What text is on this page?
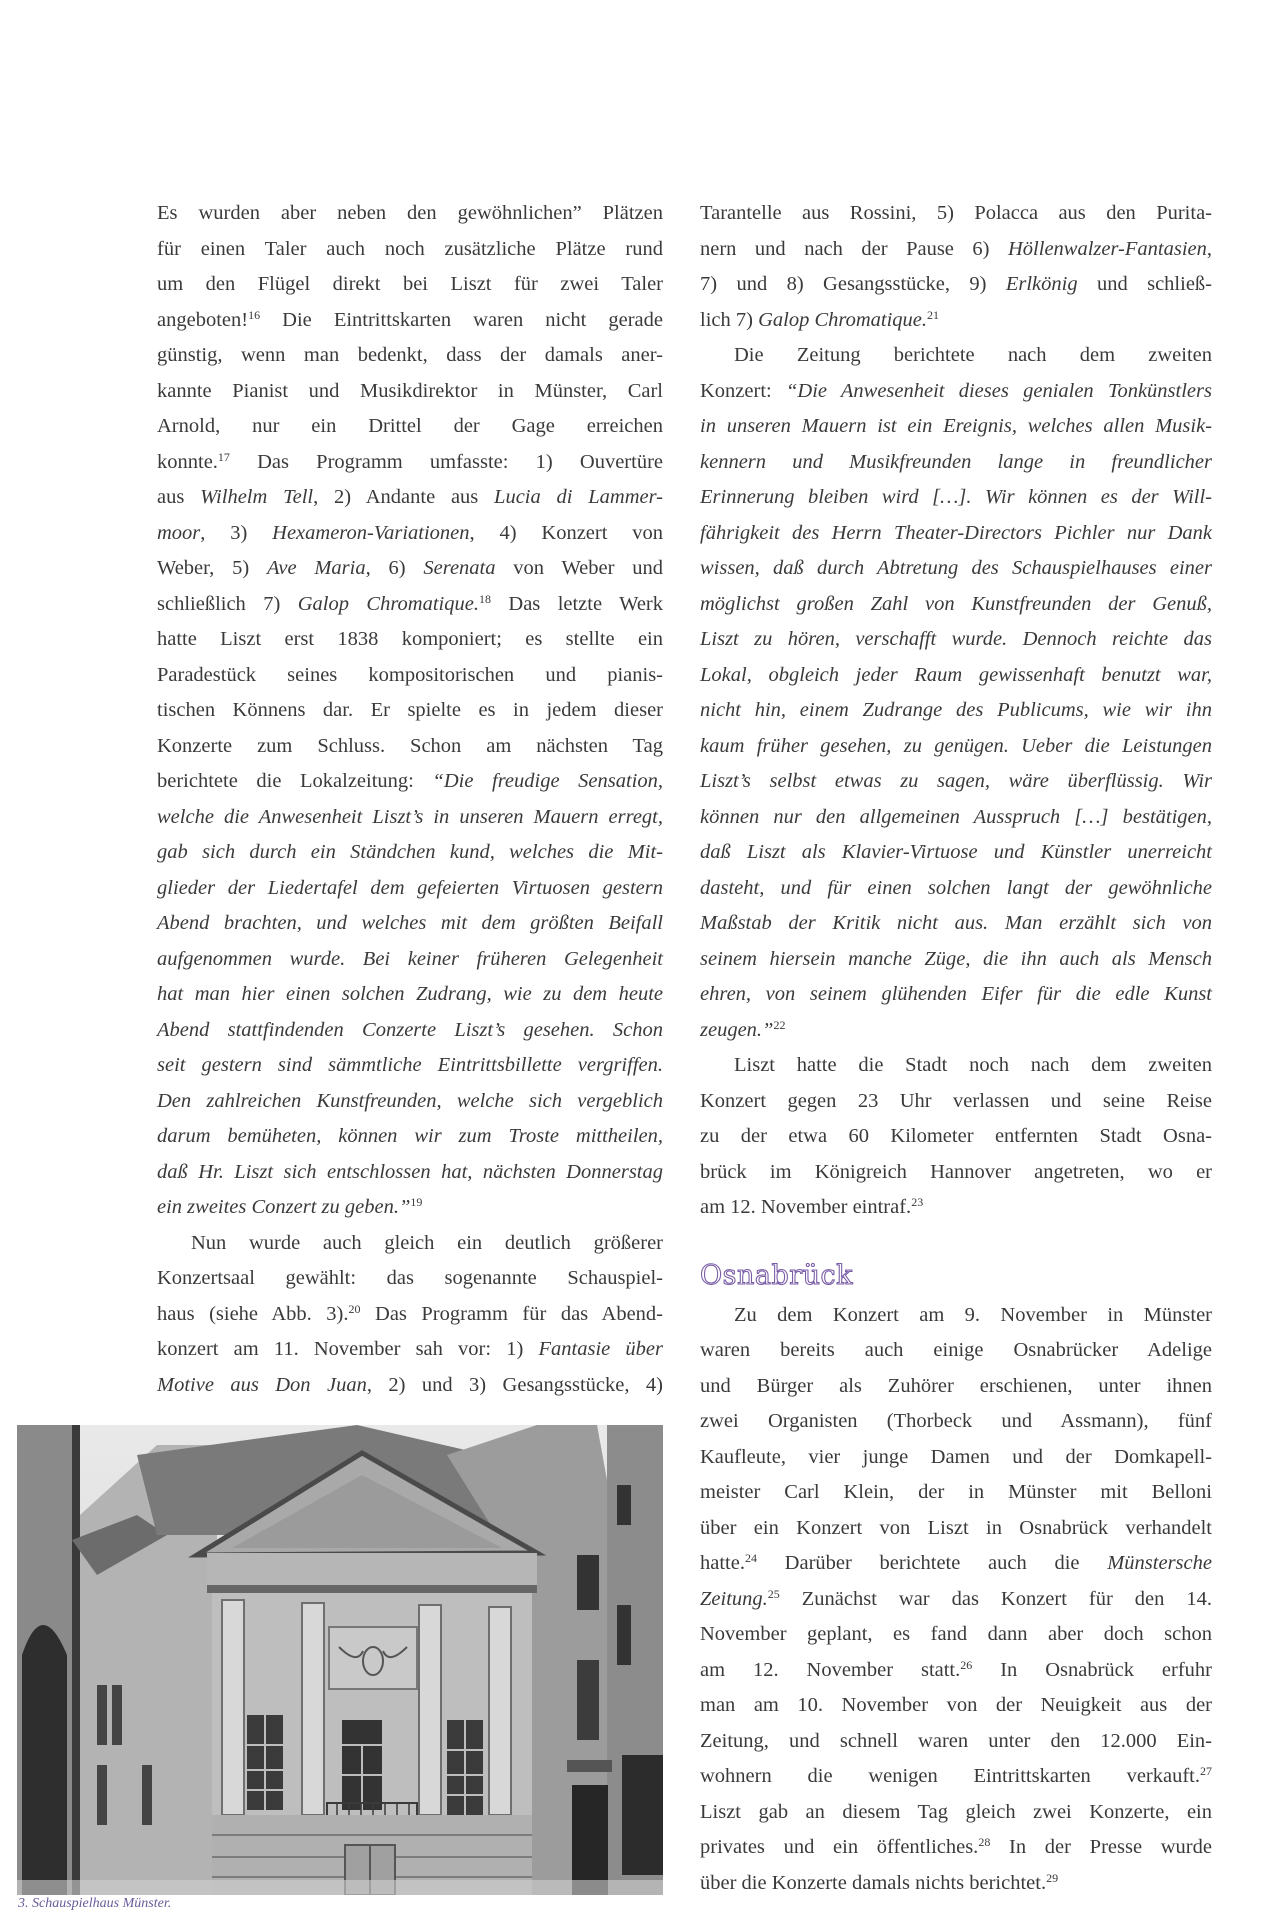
Es wurden aber neben den gewöhnlichen” Plätzen
für einen Taler auch noch zusätzliche Plätze rund
um den Flügel direkt bei Liszt für zwei Taler
angeboten!$^{16}$ Die Eintrittskarten waren nicht gerade
günstig, wenn man bedenkt, dass der damals aner-
kannte Pianist und Musikdirektor in Münster, Carl
Arnold, nur ein Drittel der Gage erreichen
konnte.$^{17}$ Das Programm umfasste: 1) Ouvertüre
aus Wilhelm Tell, 2) Andante aus Lucia di Lammer-
moor, 3) Hexameron-Variationen, 4) Konzert von
Weber, 5) Ave Maria, 6) Serenata von Weber und
schließlich 7) Galop Chromatique.$^{18}$ Das letzte Werk
hatte Liszt erst 1838 komponiert; es stellte ein
Paradestück seines kompositorischen und pianis-
tischen Könnens dar. Er spielte es in jedem dieser
Konzerte zum Schluss. Schon am nächsten Tag
berichtete die Lokalzeitung: “Die freudige Sensation,
welche die Anwesenheit Liszt’s in unseren Mauern erregt,
gab sich durch ein Ständchen kund, welches die Mit-
glieder der Liedertafel dem gefeierten Virtuosen gestern
Abend brachten, und welches mit dem größten Beifall
aufgenommen wurde. Bei keiner früheren Gelegenheit
hat man hier einen solchen Zudrang, wie zu dem heute
Abend stattfindenden Conzerte Liszt’s gesehen. Schon
seit gestern sind sämmtliche Eintrittsbillette vergriffen.
Den zahlreichen Kunstfreunden, welche sich vergeblich
darum bemüheten, können wir zum Troste mittheilen,
daß Hr. Liszt sich entschlossen hat, nächsten Donnerstag
ein zweites Conzert zu geben.”$^{19}$
Nun wurde auch gleich ein deutlich größerer
Konzertsaal gewählt: das sogenannte Schauspiel-
haus (siehe Abb. 3).$^{20}$ Das Programm für das Abend-
konzert am 11. November sah vor: 1) Fantasie über
Motive aus Don Juan, 2) und 3) Gesangsstücke, 4)
Tarantelle aus Rossini, 5) Polacca aus den Purita-
nern und nach der Pause 6) Höllenwalzer-Fantasien,
7) und 8) Gesangsstücke, 9) Erlkönig und schließ-
lich 7) Galop Chromatique.$^{21}$
Die Zeitung berichtete nach dem zweiten
Konzert: “Die Anwesenheit dieses genialen Tonkünstlers
in unseren Mauern ist ein Ereignis, welches allen Musik-
kennern und Musikfreunden lange in freundlicher
Erinnerung bleiben wird […]. Wir können es der Will-
fährigkeit des Herrn Theater-Directors Pichler nur Dank
wissen, daß durch Abtretung des Schauspielhauses einer
möglichst großen Zahl von Kunstfreunden der Genuß,
Liszt zu hören, verschafft wurde. Dennoch reichte das
Lokal, obgleich jeder Raum gewissenhaft benutzt war,
nicht hin, einem Zudrange des Publicums, wie wir ihn
kaum früher gesehen, zu genügen. Ueber die Leistungen
Liszt’s selbst etwas zu sagen, wäre überflüssig. Wir
können nur den allgemeinen Ausspruch […] bestätigen,
daß Liszt als Klavier-Virtuose und Künstler unerreicht
dasteht, und für einen solchen langt der gewöhnliche
Maßstab der Kritik nicht aus. Man erzählt sich von
seinem hiersein manche Züge, die ihn auch als Mensch
ehren, von seinem glühenden Eifer für die edle Kunst
zeugen.”$^{22}$
Liszt hatte die Stadt noch nach dem zweiten
Konzert gegen 23 Uhr verlassen und seine Reise
zu der etwa 60 Kilometer entfernten Stadt Osna-
brück im Königreich Hannover angetreten, wo er
am 12. November eintraf.$^{23}$
Osnabrück
Zu dem Konzert am 9. November in Münster
waren bereits auch einige Osnabrücker Adelige
und Bürger als Zuhörer erschienen, unter ihnen
zwei Organisten (Thorbeck und Assmann), fünf
Kaufleute, vier junge Damen und der Domkapell-
meister Carl Klein, der in Münster mit Belloni
über ein Konzert von Liszt in Osnabrück verhandelt
hatte.$^{24}$ Darüber berichtete auch die Münstersche
Zeitung.$^{25}$ Zunächst war das Konzert für den 14.
November geplant, es fand dann aber doch schon
am 12. November statt.$^{26}$ In Osnabrück erfuhr
man am 10. November von der Neuigkeit aus der
Zeitung, und schnell waren unter den 12.000 Ein-
wohnern die wenigen Eintrittskarten verkauft.$^{27}$
Liszt gab an diesem Tag gleich zwei Konzerte, ein
privates und ein öffentliches.$^{28}$ In der Presse wurde
über die Konzerte damals nichts berichtet.$^{29}$
3. Schauspielhaus Münster.
